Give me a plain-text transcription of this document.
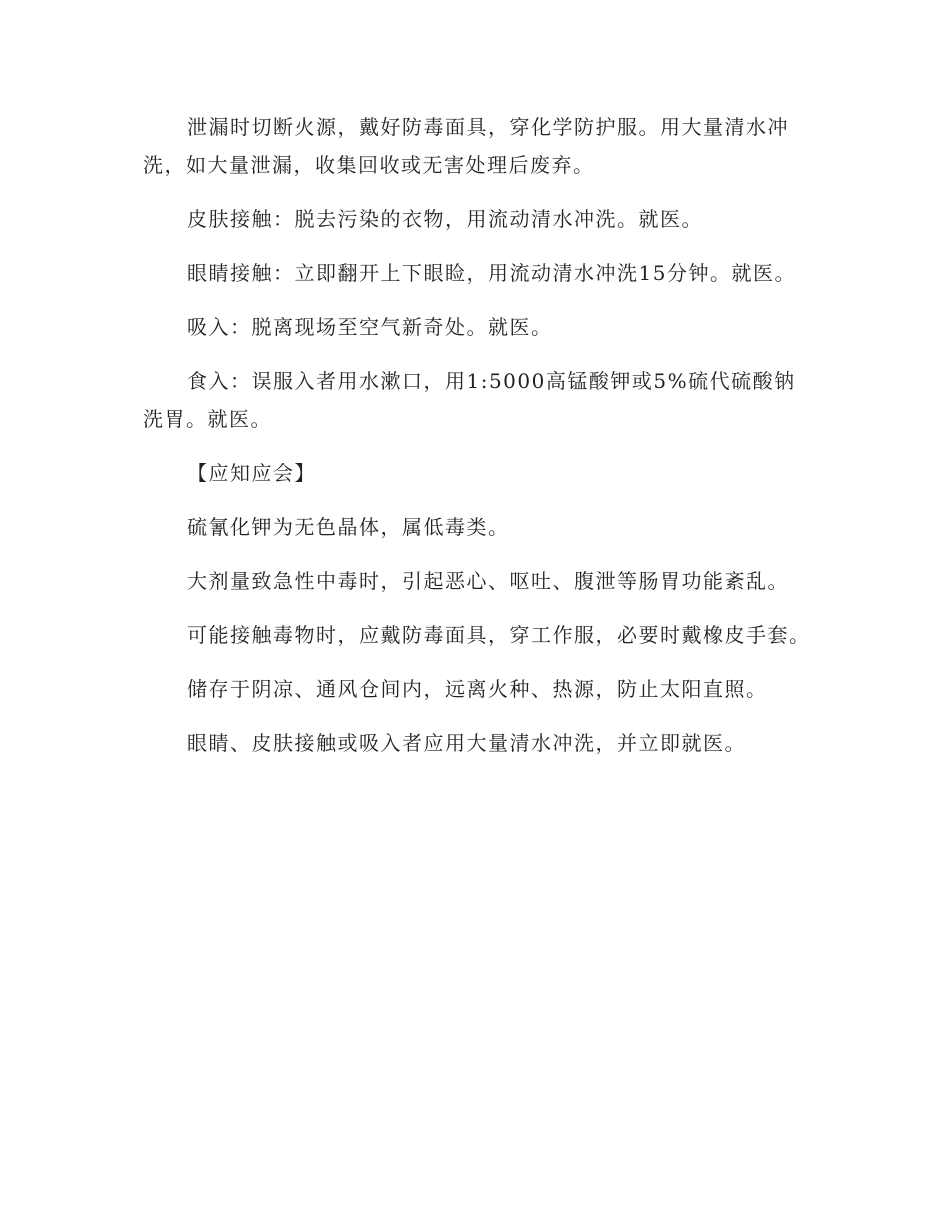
泄漏时切断火源，戴好防毒面具，穿化学防护服。用大量清水冲洗，如大量泄漏，收集回收或无害处理后废弃。

皮肤接触：脱去污染的衣物，用流动清水冲洗。就医。

眼睛接触：立即翻开上下眼睑，用流动清水冲洗15分钟。就医。

吸入：脱离现场至空气新奇处。就医。

食入：误服入者用水漱口，用1:5000高锰酸钾或5%硫代硫酸钠洗胃。就医。

【应知应会】

硫氰化钾为无色晶体，属低毒类。

大剂量致急性中毒时，引起恶心、呕吐、腹泄等肠胃功能紊乱。

可能接触毒物时，应戴防毒面具，穿工作服，必要时戴橡皮手套。

储存于阴凉、通风仓间内，远离火种、热源，防止太阳直照。

眼睛、皮肤接触或吸入者应用大量清水冲洗，并立即就医。
